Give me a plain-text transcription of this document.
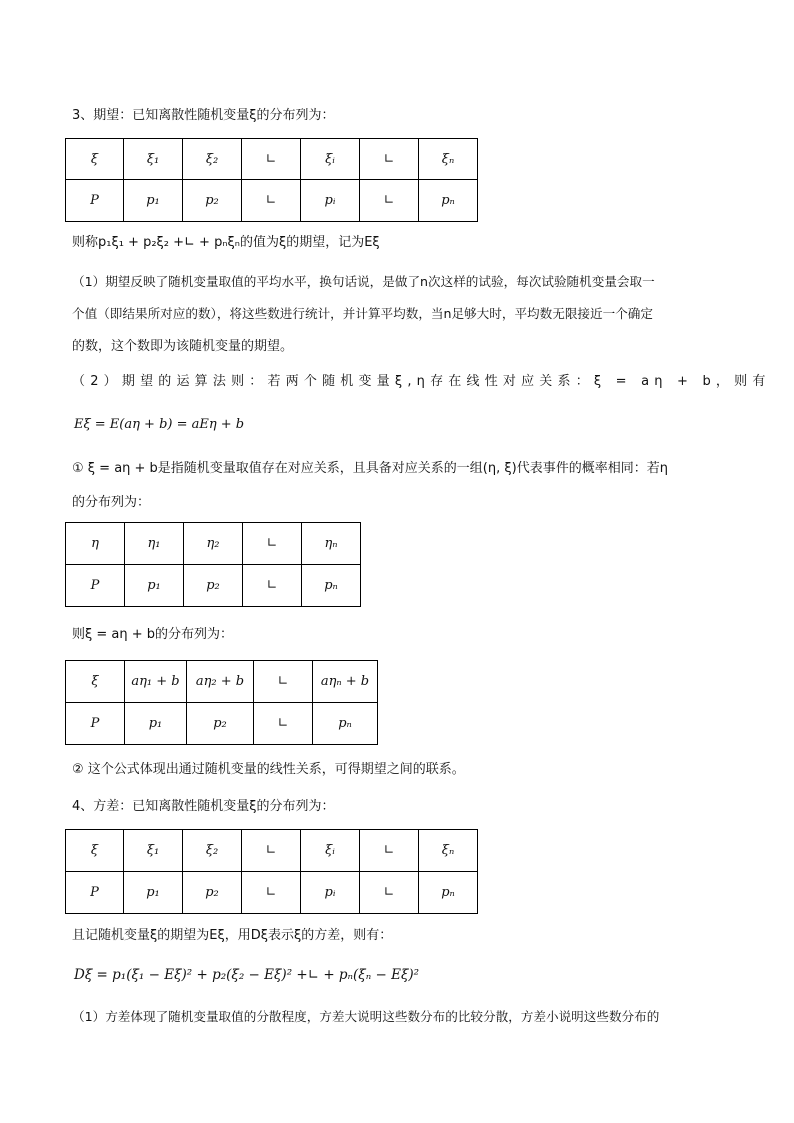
3、期望：已知离散性随机变量ξ的分布列为：
ξ	ξ₁	ξ₂	∟	ξᵢ	∟	ξₙ
P	p₁	p₂	∟	pᵢ	∟	pₙ
则称p₁ξ₁ + p₂ξ₂ +∟ + pₙξₙ的值为ξ的期望，记为Eξ
（1）期望反映了随机变量取值的平均水平，换句话说，是做了n次这样的试验，每次试验随机变量会取一
个值（即结果所对应的数），将这些数进行统计，并计算平均数，当n足够大时，平均数无限接近一个确定
的数，这个数即为该随机变量的期望。
（2）期望的运算法则：若两个随机变量ξ,η存在线性对应关系：ξ = aη + b，则有
Eξ = E(aη + b) = aEη + b
① ξ = aη + b是指随机变量取值存在对应关系，且具备对应关系的一组(η, ξ)代表事件的概率相同：若η
的分布列为：
η	η₁	η₂	∟	ηₙ
P	p₁	p₂	∟	pₙ
则ξ = aη + b的分布列为：
ξ	aη₁ + b	aη₂ + b	∟	aηₙ + b
P	p₁	p₂	∟	pₙ
② 这个公式体现出通过随机变量的线性关系，可得期望之间的联系。
4、方差：已知离散性随机变量ξ的分布列为：
ξ	ξ₁	ξ₂	∟	ξᵢ	∟	ξₙ
P	p₁	p₂	∟	pᵢ	∟	pₙ
且记随机变量ξ的期望为Eξ，用Dξ表示ξ的方差，则有：
Dξ = p₁(ξ₁ − Eξ)² + p₂(ξ₂ − Eξ)² +∟ + pₙ(ξₙ − Eξ)²
（1）方差体现了随机变量取值的分散程度，方差大说明这些数分布的比较分散，方差小说明这些数分布的
